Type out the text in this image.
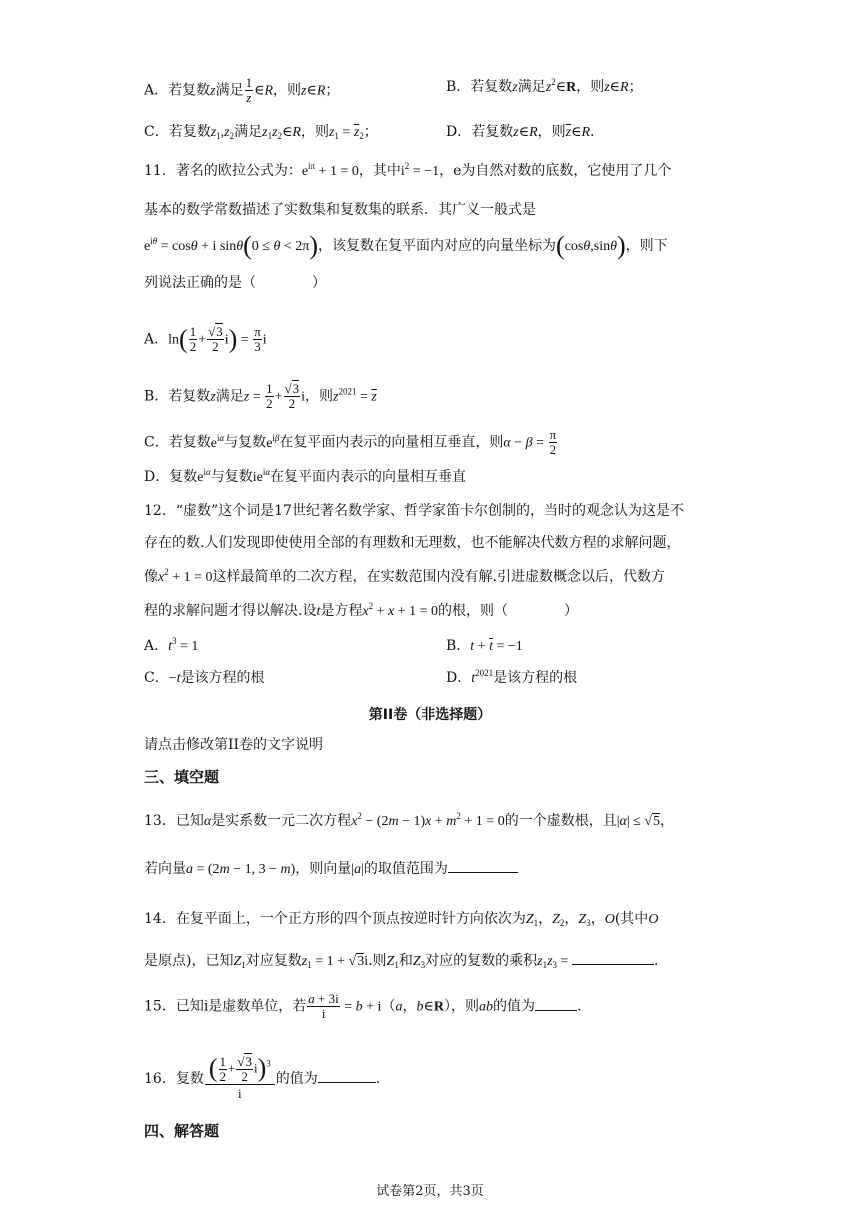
A．若复数z满足 $\frac{1}{z}$ ∈R，则z∈R；	B．若复数z满足$z^2\in R$，则z∈R；
C．若复数$z_1,z_2$满足$z_1z_2\in R$，则$z_1 = \overline{z}_2$；	D．若复数z∈R，则$\overline{z}\in R$.
11．著名的欧拉公式为：$e^{i\pi} + 1 = 0$，其中$i^2 = -1$，e为自然对数的底数，它使用了几个
基本的数学常数描述了实数集和复数集的联系．其广义一般式是
$e^{i\theta} = \cos\theta + i$ sinθ(0 ≤ θ < 2π)，该复数在复平面内对应的向量坐标为(cosθ,sinθ)，则下
列说法正确的是（　　　　）
A．$\ln( \frac{1}{2} + \frac{√3}{2} i) = \frac{\pi}{3}$ i
B．若复数z满足$z = \frac{1}{2} + \frac{√3}{2}$ i，则$z^{2021} = \overline{z}$
C．若复数$e^{i\alpha}$与复数$e^{i\beta}$在复平面内表示的向量相互垂直，则$\alpha - \beta = \frac{\pi}{2}$
D．复数$e^{i\alpha}$与复数$ie^{i\alpha}$在复平面内表示的向量相互垂直
12．“虚数”这个词是17世纪著名数学家、哲学家笛卡尔创制的，当时的观念认为这是不
存在的数.人们发现即使使用全部的有理数和无理数，也不能解决代数方程的求解问题，
像$x^2 + 1 = 0$这样最简单的二次方程，在实数范围内没有解.引进虚数概念以后，代数方
程的求解问题才得以解决.设t是方程$x^2 + x + 1 = 0$的根，则（　　　　）
A．$t^3 = 1$	B．$t + \overline{t} = -1$
C．−t是该方程的根	D．$t^{2021}$是该方程的根
第II卷（非选择题）
请点击修改第II卷的文字说明
三、填空题
13．已知α是实系数一元二次方程$x^2 - (2m - 1)x + m^2 + 1 = 0$的一个虚数根，且|α| ≤ √5，
若向量a = (2m − 1, 3 − m)，则向量|a|的取值范围为
14．在复平面上，一个正方形的四个顶点按逆时针方向依次为$Z_1$，$Z_2$，$Z_3$，O(其中O
是原点)，已知$Z_1$对应复数$z_1 = 1 + √3i$.则$Z_1$和$Z_3$对应的复数的乘积$z_1z_3$ =	.
15．已知i是虚数单位，若 $\frac{a + 3i}{i} = b + i(a$，b∈R），则ab的值为	.
16．复数 $\frac{( \frac{1}{2} + \frac{√3}{2} i)^3}{i}$ 的值为	.
四、解答题
试卷第2页，共3页
